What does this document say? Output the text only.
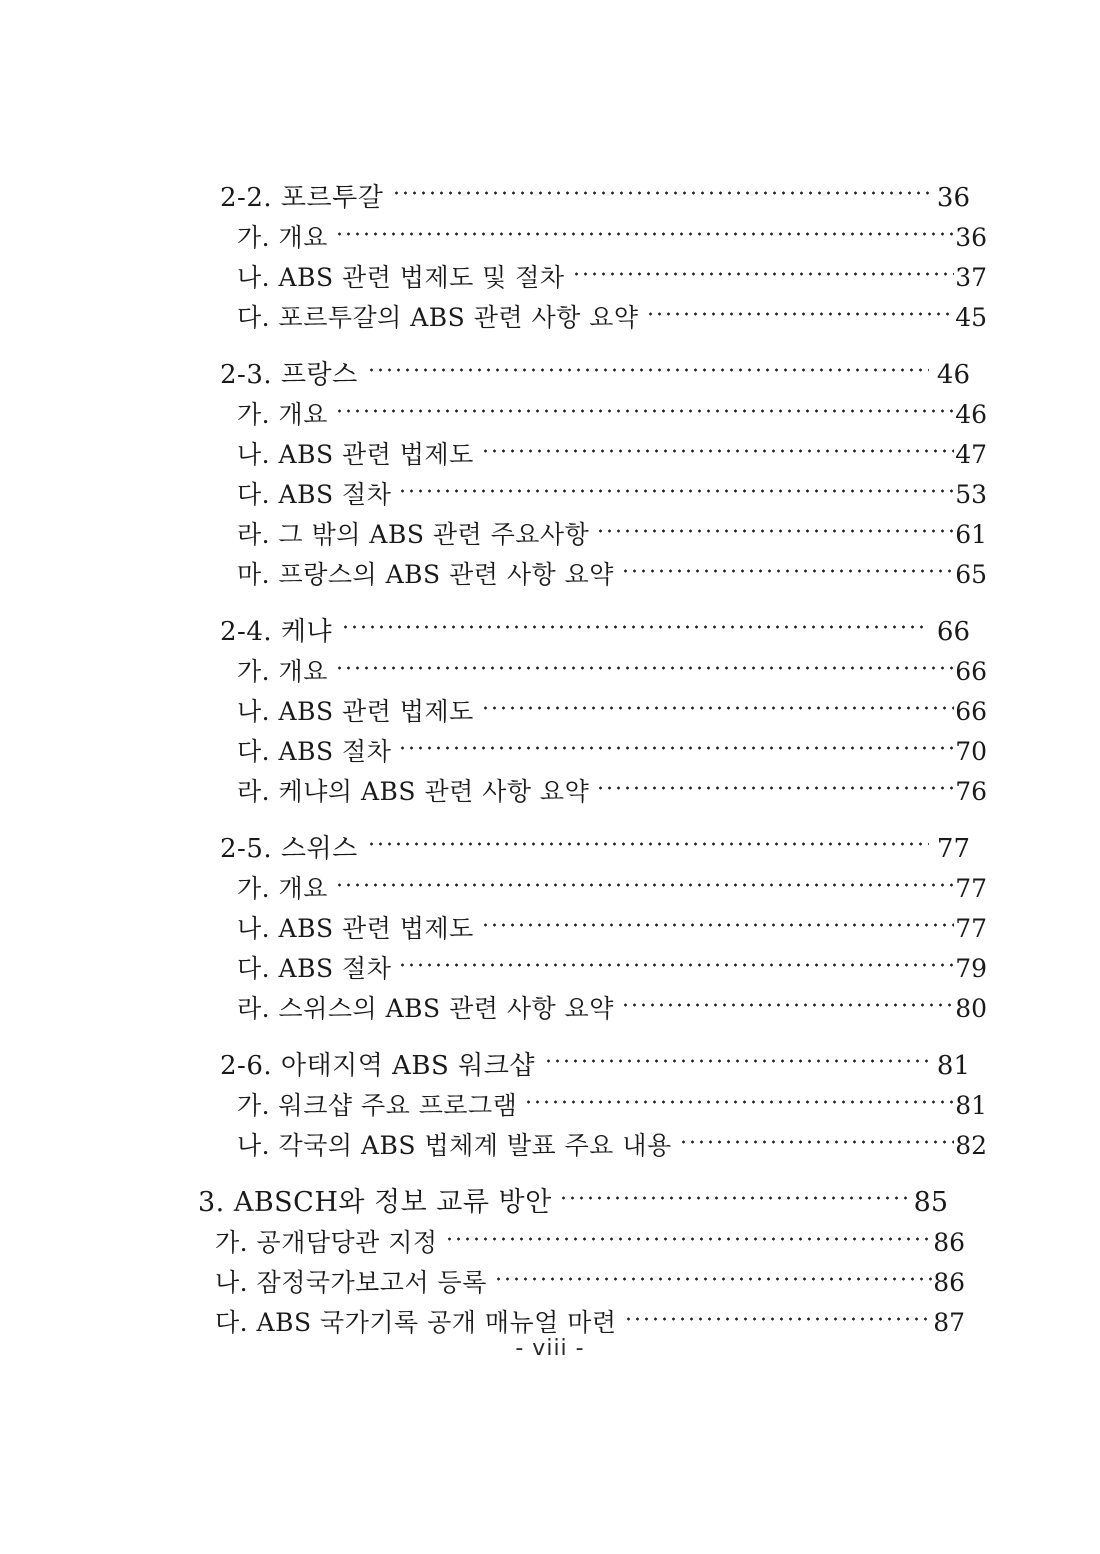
2-2. 포르투갈	36
가. 개요	36
나. ABS 관련 법제도 및 절차	37
다. 포르투갈의 ABS 관련 사항 요약	45
2-3. 프랑스	46
가. 개요	46
나. ABS 관련 법제도	47
다. ABS 절차	53
라. 그 밖의 ABS 관련 주요사항	61
마. 프랑스의 ABS 관련 사항 요약	65
2-4. 케냐	66
가. 개요	66
나. ABS 관련 법제도	66
다. ABS 절차	70
라. 케냐의 ABS 관련 사항 요약	76
2-5. 스위스	77
가. 개요	77
나. ABS 관련 법제도	77
다. ABS 절차	79
라. 스위스의 ABS 관련 사항 요약	80
2-6. 아태지역 ABS 워크샵	81
가. 워크샵 주요 프로그램	81
나. 각국의 ABS 법체계 발표 주요 내용	82
3. ABSCH와 정보 교류 방안	85
가. 공개담당관 지정	86
나. 잠정국가보고서 등록	86
다. ABS 국가기록 공개 매뉴얼 마련	87
- viii -
